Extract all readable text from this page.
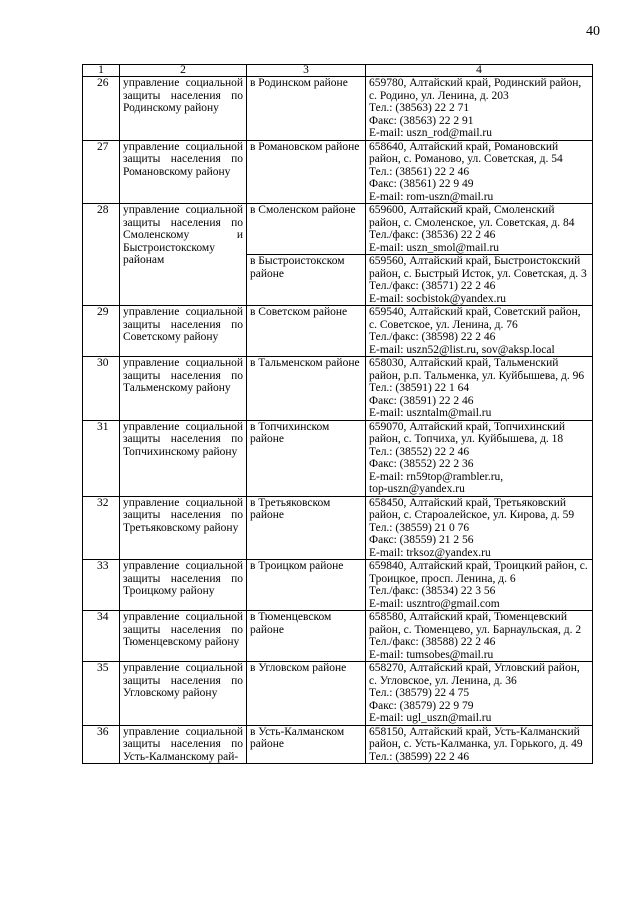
40
1	2	3	4
26	управление социальной защиты населения по Родинскому району	в Родинском районе	659780, Алтайский край, Родинский район, с. Родино, ул. Ленина, д. 203
Тел.: (38563) 22 2 71
Факс: (38563) 22 2 91
E-mail: uszn_rod@mail.ru

27	управление социальной защиты населения по Романовскому району	в Романовском районе	658640, Алтайский край, Романовский район, с. Романово, ул. Советская, д. 54
Тел.: (38561) 22 2 46
Факс: (38561) 22 9 49
E-mail: rom-uszn@mail.ru

28	управление социальной защиты населения по Смоленскому и Быстроистокскому районам	в Смоленском районе	659600, Алтайский край, Смоленский район, с. Смоленское, ул. Советская, д. 84
Тел./факс: (38536) 22 2 46
E-mail: uszn_smol@mail.ru

		в Быстроистокском районе	659560, Алтайский край, Быстроистокский район, с. Быстрый Исток, ул. Советская, д. 3
Тел./факс: (38571) 22 2 46
E-mail: socbistok@yandex.ru

29	управление социальной защиты населения по Советскому району	в Советском районе	659540, Алтайский край, Советский район, с. Советское, ул. Ленина, д. 76
Тел./факс: (38598) 22 2 46
E-mail: uszn52@list.ru, sov@aksp.local

30	управление социальной защиты населения по Тальменскому району	в Тальменском районе	658030, Алтайский край, Тальменский район, р.п. Тальменка, ул. Куйбышева, д. 96
Тел.: (38591) 22 1 64
Факс: (38591) 22 2 46
E-mail: uszntalm@mail.ru

31	управление социальной защиты населения по Топчихинскому району	в Топчихинском районе	659070, Алтайский край, Топчихинский район, с. Топчиха, ул. Куйбышева, д. 18
Тел.: (38552) 22 2 46
Факс: (38552) 22 2 36
E-mail: rn59top@rambler.ru,
top-uszn@yandex.ru

32	управление социальной защиты населения по Третьяковскому району	в Третьяковском районе	658450, Алтайский край, Третьяковский район, с. Староалейское, ул. Кирова, д. 59
Тел.: (38559) 21 0 76
Факс: (38559) 21 2 56
E-mail: trksoz@yandex.ru

33	управление социальной защиты населения по Троицкому району	в Троицком районе	659840, Алтайский край, Троицкий район, с. Троицкое, просп. Ленина, д. 6
Тел./факс: (38534) 22 3 56
E-mail: uszntro@gmail.com

34	управление социальной защиты населения по Тюменцевскому району	в Тюменцевском районе	658580, Алтайский край, Тюменцевский район, с. Тюменцево, ул. Барнаульская, д. 2
Тел./факс: (38588) 22 2 46
E-mail: tumsobes@mail.ru

35	управление социальной защиты населения по Угловскому району	в Угловском районе	658270, Алтайский край, Угловский район, с. Угловское, ул. Ленина, д. 36
Тел.: (38579) 22 4 75
Факс: (38579) 22 9 79
E-mail: ugl_uszn@mail.ru

36	управление социальной защиты населения по Усть-Калманскому рай-	в Усть-Калманском районе	658150, Алтайский край, Усть-Калманский район, с. Усть-Калманка, ул. Горького, д. 49
Тел.: (38599) 22 2 46
